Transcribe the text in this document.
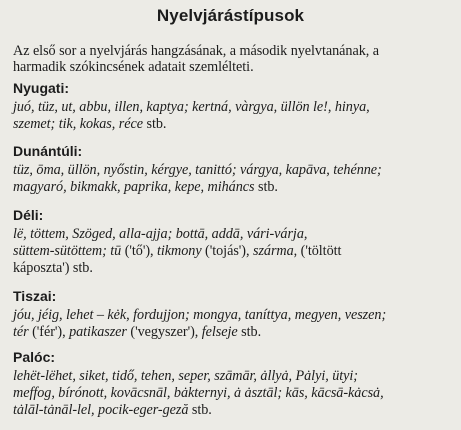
Nyelvjárástípusok
Az első sor a nyelvjárás hangzásának, a második nyelvtanának, a
harmadik szókincsének adatait szemlélteti.
Nyugati:
juó, tüz, ut, abbu, illen, kaptya; kertná, vàrgya, üllön le!, hinya,
szemet; tik, kokas, réce stb.
Dunántúli:
tüz, ōma, üllön, nyőstin, kérgye, tanittó; várgya, kapāva, tehénne;
magyaró, bikmakk, paprika, kepe, miháncs stb.
Déli:
lë, töttem, Szöged, alla-ajja; bottā, addā, vári-várja,
süttem-sütöttem; tū ('tő'), tikmony ('tojás'), szárma, ('töltött
káposzta') stb.
Tiszai:
jóu, jéig, lehet – kėk, fordujjon; mongya, taníttya, megyen, veszen;
tér ('fér'), patikaszer ('vegyszer'), felseje stb.
Palóc:
lehët-lëhet, siket, tidő, tehen, seper, szāmār, ȧllyȧ, Pȧlyi, ütyi;
meffog, bírónott, kovācsnāl, bȧkternyi, ȧ ȧsztāl; kās, kācsā-kȧcsȧ,
tȧlāl-tȧnāl-lel, pocik-eger-geză stb.
